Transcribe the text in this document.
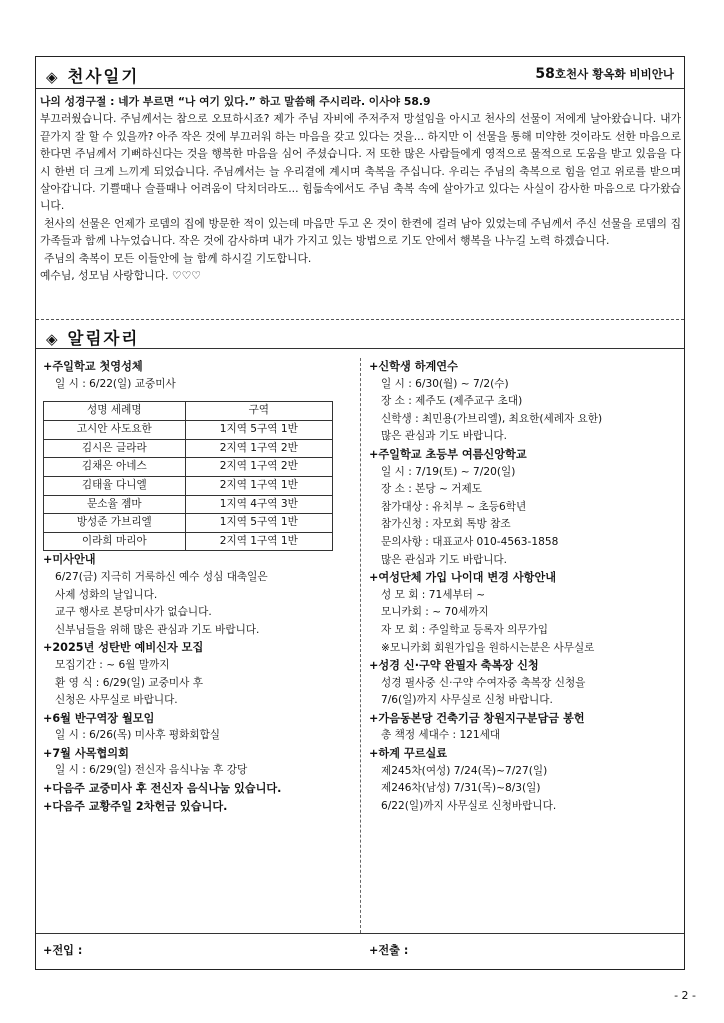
◈ 천사일기	58호천사 황옥화 비비안나

나의 성경구절 : 네가 부르면 “나 여기 있다.” 하고 말씀해 주시리라. 이사야 58.9

부끄러웠습니다. 주님께서는 참으로 오묘하시죠? 제가 주님 자비에 주저주저 망설임을 아시고 천사의 선물이 저에게 날아왔습니다. 내가 끝가지 잘 할 수 있을까? 아주 작은 것에 부끄러워 하는 마음을 갖고 있다는 것을... 하지만 이 선물을 통해 미약한 것이라도 선한 마음으로 한다면 주님께서 기뻐하신다는 것을 행복한 마음을 심어 주셨습니다. 저 또한 많은 사람들에게 영적으로 물적으로 도움을 받고 있음을 다시 한번 더 크게 느끼게 되었습니다. 주님께서는 늘 우리곁에 계시며 축복을 주십니다. 우리는 주님의 축복으로 힘을 얻고 위로를 받으며 살아갑니다. 기쁠때나 슬플때나 어려움이 닥치더라도... 힘듦속에서도 주님 축복 속에 살아가고 있다는 사실이 감사한 마음으로 다가왔습니다.

천사의 선물은 언제가 로뎀의 집에 방문한 적이 있는데 마음만 두고 온 것이 한켠에 걸려 남아 있었는데 주님께서 주신 선물을 로뎀의 집 가족들과 함께 나누었습니다. 작은 것에 감사하며 내가 가지고 있는 방법으로 기도 안에서 행복을 나누길 노력 하겠습니다.

주님의 축복이 모든 이들안에 늘 함께 하시길 기도합니다.

예수님, 성모님 사랑합니다. ♡♡♡

◈ 알림자리
+주일학교 첫영성체
일 시 : 6/22(일) 교중미사
성명 세례명	구역
고시안 사도요한	1지역 5구역 1반
김시은 글라라	2지역 1구역 2반
김채은 아네스	2지역 1구역 2반
김태율 다니엘	2지역 1구역 1반
문소율 젬마	1지역 4구역 3반
방성준 가브리엘	1지역 5구역 1반
이라희 마리아	2지역 1구역 1반
+미사안내
6/27(금) 지극히 거룩하신 예수 성심 대축일은
사제 성화의 날입니다.
교구 행사로 본당미사가 없습니다.
신부님들을 위해 많은 관심과 기도 바랍니다.
+2025년 성탄반 예비신자 모집
모집기간 : ~ 6월 말까지
환 영 식 : 6/29(일) 교중미사 후
신청은 사무실로 바랍니다.
+6월 반구역장 월모임
일 시 : 6/26(목) 미사후 평화회합실
+7월 사목협의회
일 시 : 6/29(일) 전신자 음식나눔 후 강당
+다음주 교중미사 후 전신자 음식나눔 있습니다.
+다음주 교황주일 2차헌금 있습니다.
+신학생 하계연수
일 시 : 6/30(월) ~ 7/2(수)
장 소 : 제주도 (제주교구 초대)
신학생 : 최민용(가브리엘), 최요한(세례자 요한)
많은 관심과 기도 바랍니다.
+주일학교 초등부 여름신앙학교
일 시 : 7/19(토) ~ 7/20(일)
장 소 : 본당 ~ 거제도
참가대상 : 유치부 ~ 초등6학년
참가신청 : 자모회 톡방 참조
문의사항 : 대표교사 010-4563-1858
많은 관심과 기도 바랍니다.
+여성단체 가입 나이대 변경 사항안내
성 모 회 : 71세부터 ~
모니카회 : ~ 70세까지
자 모 회 : 주일학교 등록자 의무가입
※모니카회 회원가입을 원하시는분은 사무실로
+성경 신·구약 완필자 축복장 신청
성경 필사중 신·구약 수여자중 축복장 신청을
7/6(일)까지 사무실로 신청 바랍니다.
+가음동본당 건축기금 창원지구분담금 봉헌
총 책정 세대수 : 121세대
+하계 꾸르실료
제245차(여성) 7/24(목)~7/27(일)
제246차(남성) 7/31(목)~8/3(일)
6/22(일)까지 사무실로 신청바랍니다.
+전입 :	+전출 :
- 2 -
